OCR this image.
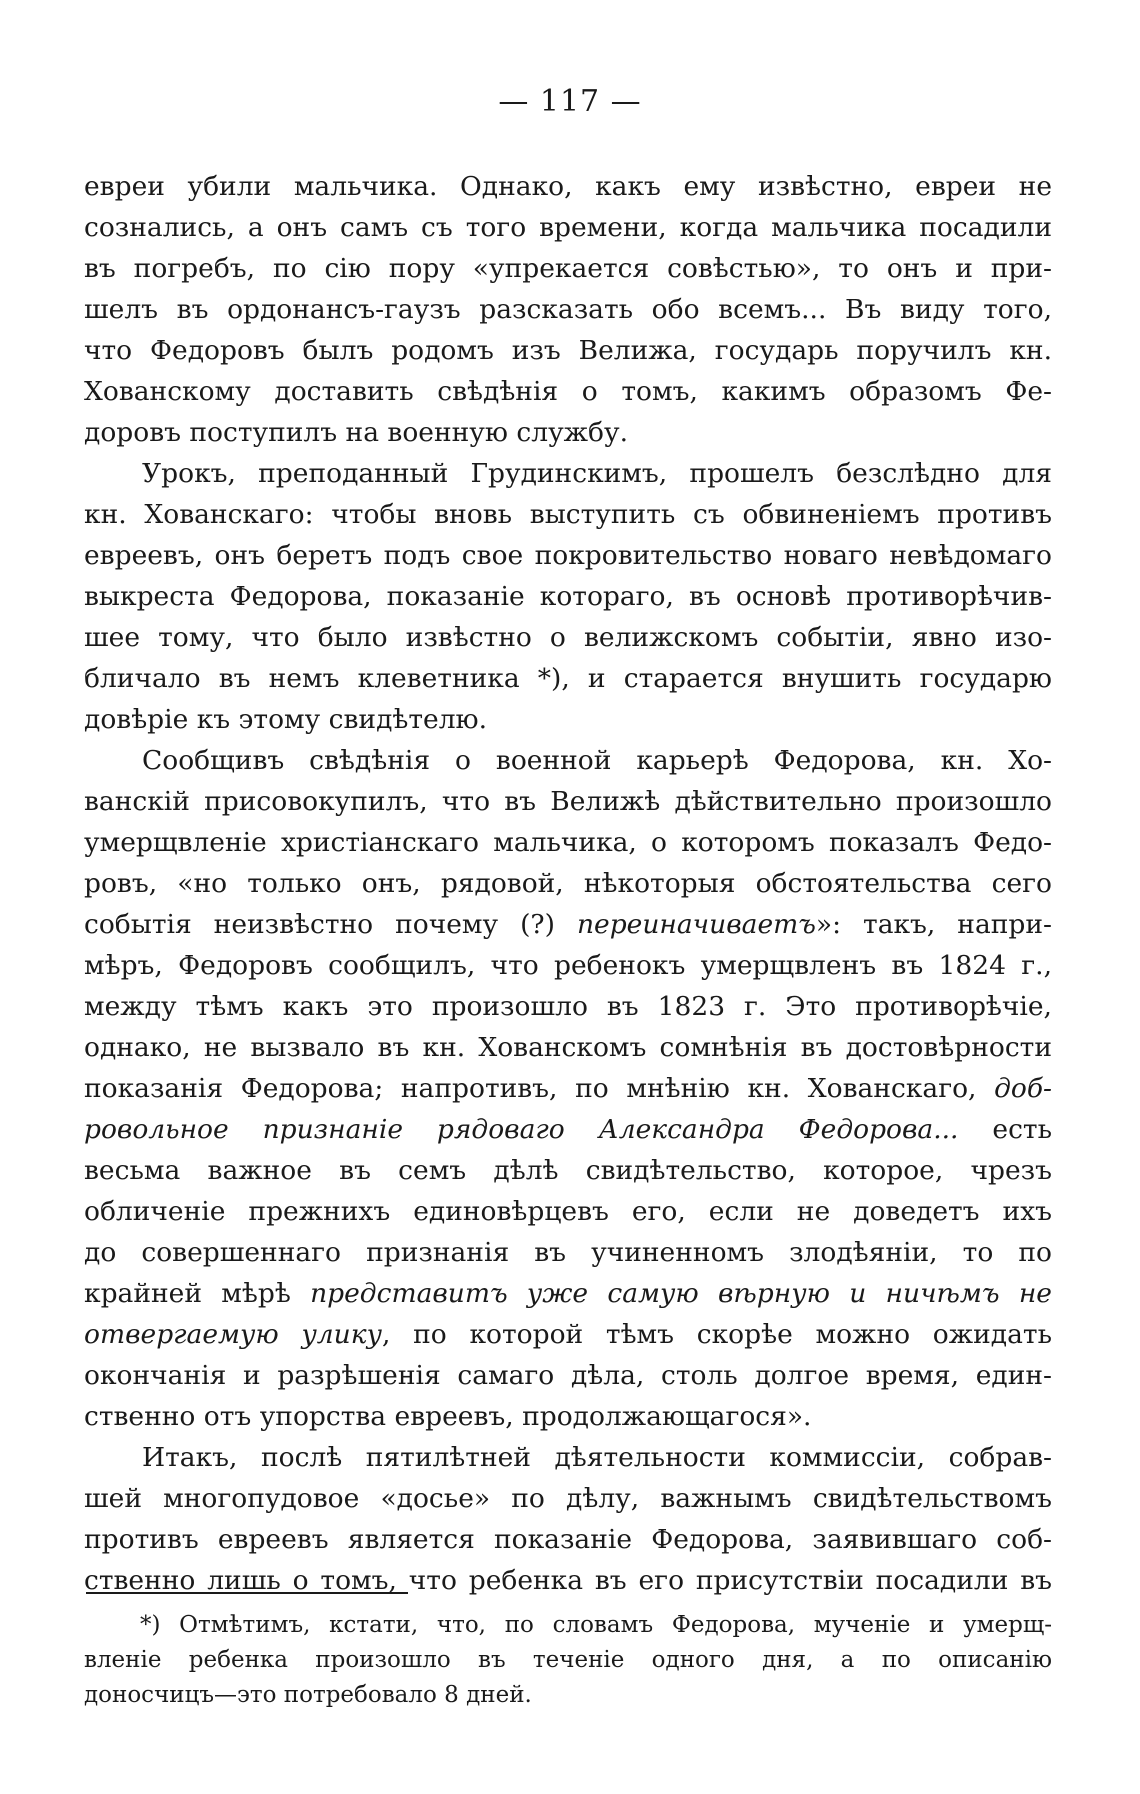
— 117 —
евреи убили мальчика. Однако, какъ ему извѣстно, евреи не
сознались, а онъ самъ съ того времени, когда мальчика посадили
въ погребъ, по сію пору «упрекается совѣстью», то онъ и при-
шелъ въ ордонансъ-гаузъ разсказать обо всемъ... Въ виду того,
что Федоровъ былъ родомъ изъ Велижа, государь поручилъ кн.
Хованскому доставить свѣдѣнія о томъ, какимъ образомъ Фе-
доровъ поступилъ на военную службу.
Урокъ, преподанный Грудинскимъ, прошелъ безслѣдно для
кн. Хованскаго: чтобы вновь выступить съ обвиненіемъ противъ
евреевъ, онъ беретъ подъ свое покровительство новаго невѣдомаго
выкреста Федорова, показаніе котораго, въ основѣ противорѣчив-
шее тому, что было извѣстно о велижскомъ событіи, явно изо-
бличало въ немъ клеветника *), и старается внушить государю
довѣріе къ этому свидѣтелю.
Сообщивъ свѣдѣнія о военной карьерѣ Федорова, кн. Хо-
ванскій присовокупилъ, что въ Велижѣ дѣйствительно произошло
умерщвленіе христіанскаго мальчика, о которомъ показалъ Федо-
ровъ, «но только онъ, рядовой, нѣкоторыя обстоятельства сего
событія неизвѣстно почему (?) переиначиваетъ»: такъ, напри-
мѣръ, Федоровъ сообщилъ, что ребенокъ умерщвленъ въ 1824 г.,
между тѣмъ какъ это произошло въ 1823 г. Это противорѣчіе,
однако, не вызвало въ кн. Хованскомъ сомнѣнія въ достовѣрности
показанія Федорова; напротивъ, по мнѣнію кн. Хованскаго, доб-
ровольное признаніе рядоваго Александра Федорова... есть
весьма важное въ семъ дѣлѣ свидѣтельство, которое, чрезъ
обличеніе прежнихъ единовѣрцевъ его, если не доведетъ ихъ
до совершеннаго признанія въ учиненномъ злодѣяніи, то по
крайней мѣрѣ представитъ уже самую вѣрную и ничѣмъ не
отвергаемую улику, по которой тѣмъ скорѣе можно ожидать
окончанія и разрѣшенія самаго дѣла, столь долгое время, един-
ственно отъ упорства евреевъ, продолжающагося».
Итакъ, послѣ пятилѣтней дѣятельности коммиссіи, собрав-
шей многопудовое «досье» по дѣлу, важнымъ свидѣтельствомъ
противъ евреевъ является показаніе Федорова, заявившаго соб-
ственно лишь о томъ, что ребенка въ его присутствіи посадили въ
*) Отмѣтимъ, кстати, что, по словамъ Федорова, мученіе и умерщ-
вленіе ребенка произошло въ теченіе одного дня, а по описанію
доносчицъ—это потребовало 8 дней.
